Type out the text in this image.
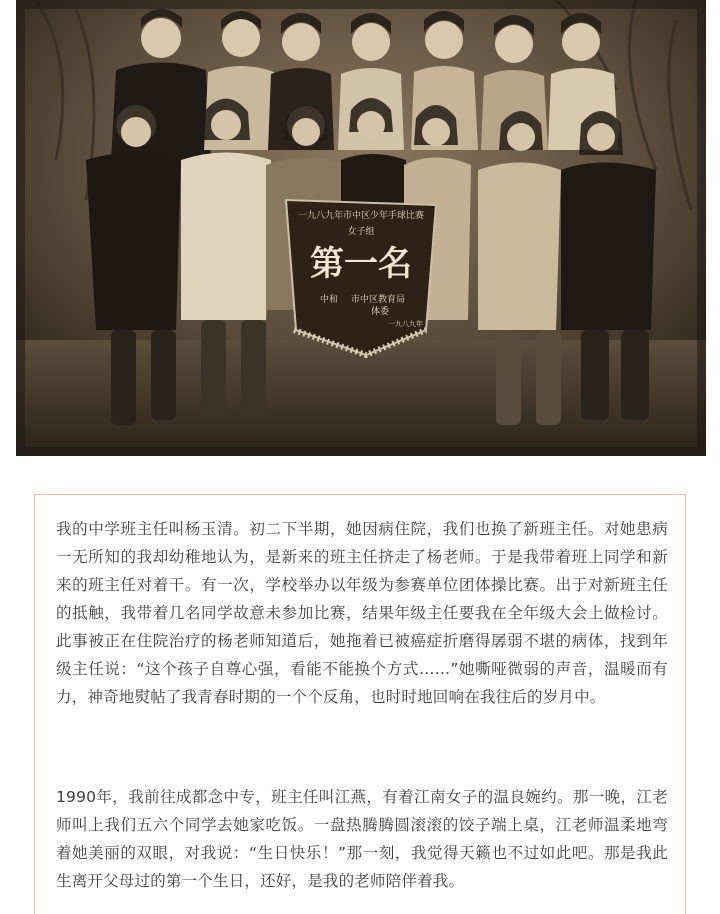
一九八九年市中区少年手球比赛
女子组
第一名
中和 市中区教育局
体委
一九八九年

我的中学班主任叫杨玉清。初二下半期，她因病住院，我们也换了新班主任。对她患病一无所知的我却幼稚地认为，是新来的班主任挤走了杨老师。于是我带着班上同学和新来的班主任对着干。有一次，学校举办以年级为参赛单位团体操比赛。出于对新班主任的抵触，我带着几名同学故意未参加比赛，结果年级主任要我在全年级大会上做检讨。此事被正在住院治疗的杨老师知道后，她拖着已被癌症折磨得孱弱不堪的病体，找到年级主任说：“这个孩子自尊心强，看能不能换个方式……”她嘶哑微弱的声音，温暖而有力，神奇地熨帖了我青春时期的一个个反角，也时时地回响在我往后的岁月中。

1990年，我前往成都念中专，班主任叫江燕，有着江南女子的温良婉约。那一晚，江老师叫上我们五六个同学去她家吃饭。一盘热腾腾圆滚滚的饺子端上桌，江老师温柔地弯着她美丽的双眼，对我说：“生日快乐！”那一刻，我觉得天籁也不过如此吧。那是我此生离开父母过的第一个生日，还好，是我的老师陪伴着我。
